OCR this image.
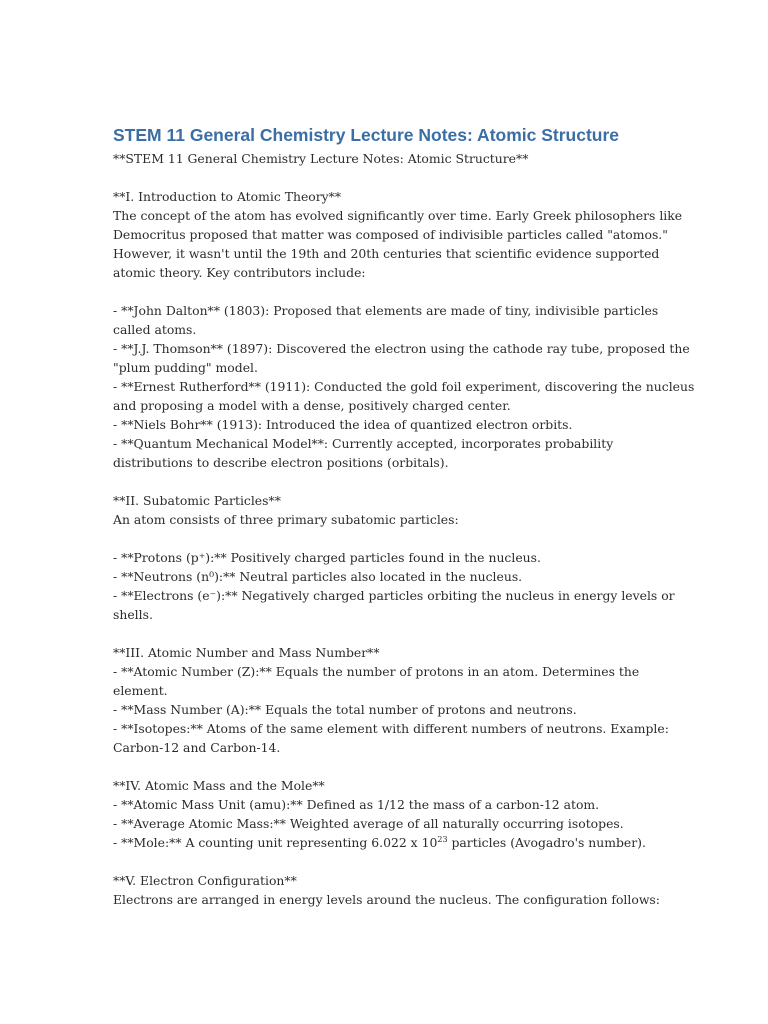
STEM 11 General Chemistry Lecture Notes: Atomic Structure

**STEM 11 General Chemistry Lecture Notes: Atomic Structure**

**I. Introduction to Atomic Theory**

The concept of the atom has evolved significantly over time. Early Greek philosophers like

Democritus proposed that matter was composed of indivisible particles called "atomos."

However, it wasn't until the 19th and 20th centuries that scientific evidence supported

atomic theory. Key contributors include:

- **John Dalton** (1803): Proposed that elements are made of tiny, indivisible particles

called atoms.

- **J.J. Thomson** (1897): Discovered the electron using the cathode ray tube, proposed the

"plum pudding" model.

- **Ernest Rutherford** (1911): Conducted the gold foil experiment, discovering the nucleus

and proposing a model with a dense, positively charged center.

- **Niels Bohr** (1913): Introduced the idea of quantized electron orbits.

- **Quantum Mechanical Model**: Currently accepted, incorporates probability

distributions to describe electron positions (orbitals).

**II. Subatomic Particles**

An atom consists of three primary subatomic particles:

- **Protons (p⁺):** Positively charged particles found in the nucleus.

- **Neutrons (n⁰):** Neutral particles also located in the nucleus.

- **Electrons (e⁻):** Negatively charged particles orbiting the nucleus in energy levels or

shells.

**III. Atomic Number and Mass Number**

- **Atomic Number (Z):** Equals the number of protons in an atom. Determines the

element.

- **Mass Number (A):** Equals the total number of protons and neutrons.

- **Isotopes:** Atoms of the same element with different numbers of neutrons. Example:

Carbon-12 and Carbon-14.

**IV. Atomic Mass and the Mole**

- **Atomic Mass Unit (amu):** Defined as 1/12 the mass of a carbon-12 atom.

- **Average Atomic Mass:** Weighted average of all naturally occurring isotopes.

- **Mole:** A counting unit representing 6.022 x $10^{23}$ particles (Avogadro's number).

**V. Electron Configuration**

Electrons are arranged in energy levels around the nucleus. The configuration follows:
